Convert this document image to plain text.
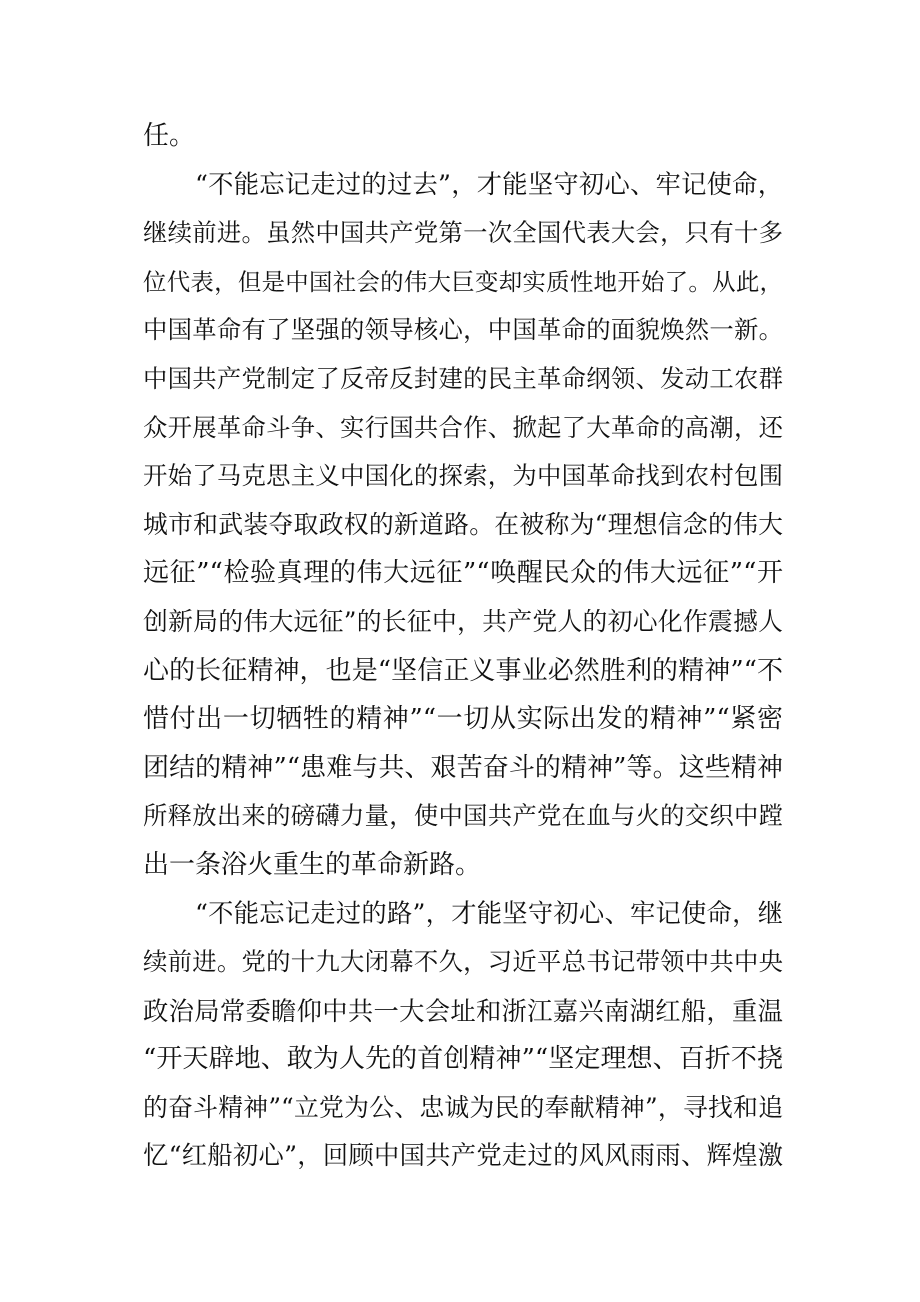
任。
“不能忘记走过的过去”，才能坚守初心、牢记使命，
继续前进。虽然中国共产党第一次全国代表大会，只有十多
位代表，但是中国社会的伟大巨变却实质性地开始了。从此，
中国革命有了坚强的领导核心，中国革命的面貌焕然一新。
中国共产党制定了反帝反封建的民主革命纲领、发动工农群
众开展革命斗争、实行国共合作、掀起了大革命的高潮，还
开始了马克思主义中国化的探索，为中国革命找到农村包围
城市和武装夺取政权的新道路。在被称为“理想信念的伟大
远征”“检验真理的伟大远征”“唤醒民众的伟大远征”“开
创新局的伟大远征”的长征中，共产党人的初心化作震撼人
心的长征精神，也是“坚信正义事业必然胜利的精神”“不
惜付出一切牺牲的精神”“一切从实际出发的精神”“紧密
团结的精神”“患难与共、艰苦奋斗的精神”等。这些精神
所释放出来的磅礴力量，使中国共产党在血与火的交织中蹚
出一条浴火重生的革命新路。
“不能忘记走过的路”，才能坚守初心、牢记使命，继
续前进。党的十九大闭幕不久，习近平总书记带领中共中央
政治局常委瞻仰中共一大会址和浙江嘉兴南湖红船，重温
“开天辟地、敢为人先的首创精神”“坚定理想、百折不挠
的奋斗精神”“立党为公、忠诚为民的奉献精神”，寻找和追
忆“红船初心”，回顾中国共产党走过的风风雨雨、辉煌激
